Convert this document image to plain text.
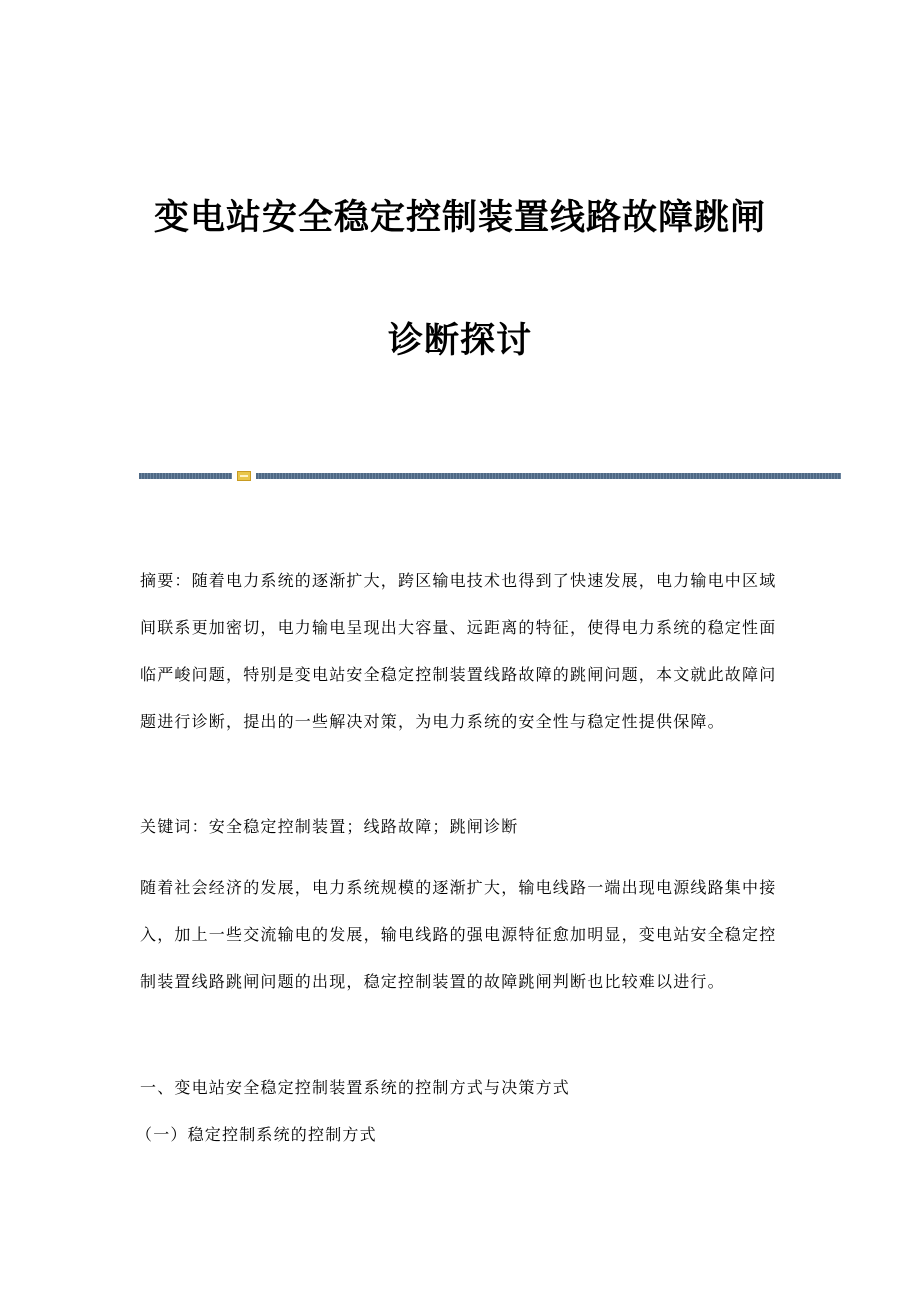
变电站安全稳定控制装置线路故障跳闸
诊断探讨
摘要：随着电力系统的逐渐扩大，跨区输电技术也得到了快速发展，电力输电中区域间联系更加密切，电力输电呈现出大容量、远距离的特征，使得电力系统的稳定性面临严峻问题，特别是变电站安全稳定控制装置线路故障的跳闸问题，本文就此故障问题进行诊断，提出的一些解决对策，为电力系统的安全性与稳定性提供保障。
关键词：安全稳定控制装置；线路故障；跳闸诊断
随着社会经济的发展，电力系统规模的逐渐扩大，输电线路一端出现电源线路集中接入，加上一些交流输电的发展，输电线路的强电源特征愈加明显，变电站安全稳定控制装置线路跳闸问题的出现，稳定控制装置的故障跳闸判断也比较难以进行。
一、变电站安全稳定控制装置系统的控制方式与决策方式
（一）稳定控制系统的控制方式
